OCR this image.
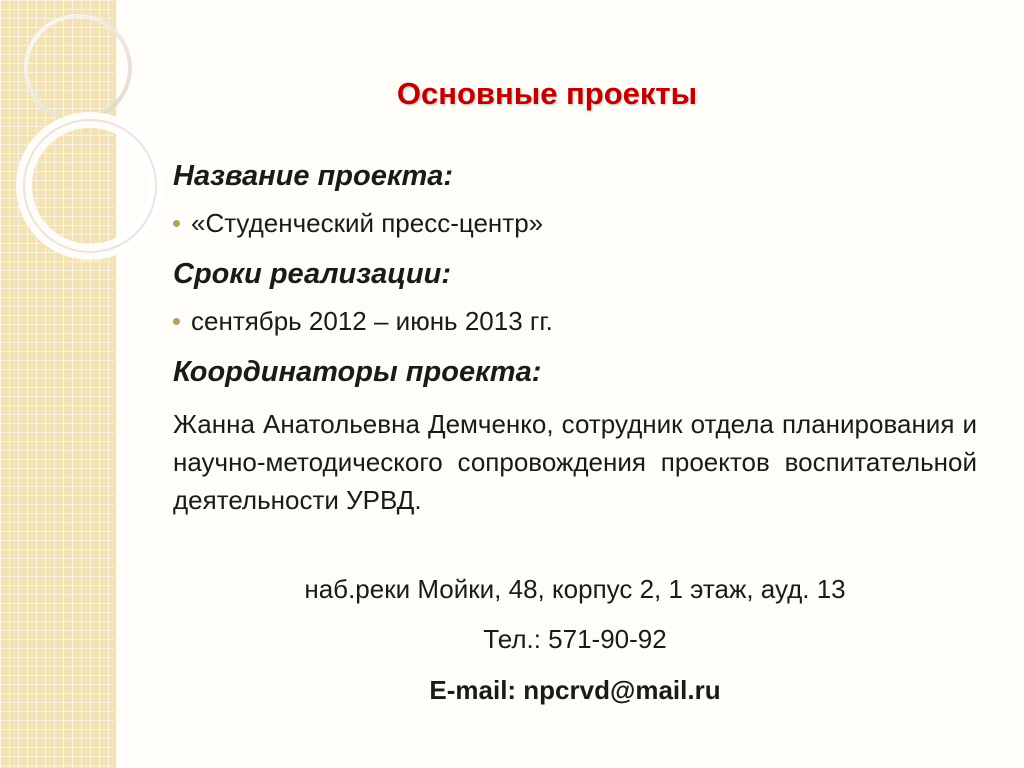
Основные проекты
Название проекта:
«Студенческий пресс-центр»
Сроки реализации:
сентябрь 2012 – июнь 2013 гг.
Координаторы проекта:
Жанна Анатольевна Демченко, сотрудник отдела планирования и научно-методического сопровождения проектов воспитательной деятельности УРВД.
наб.реки Мойки, 48, корпус 2, 1 этаж, ауд. 13
Тел.: 571-90-92
E-mail: npcrvd@mail.ru
